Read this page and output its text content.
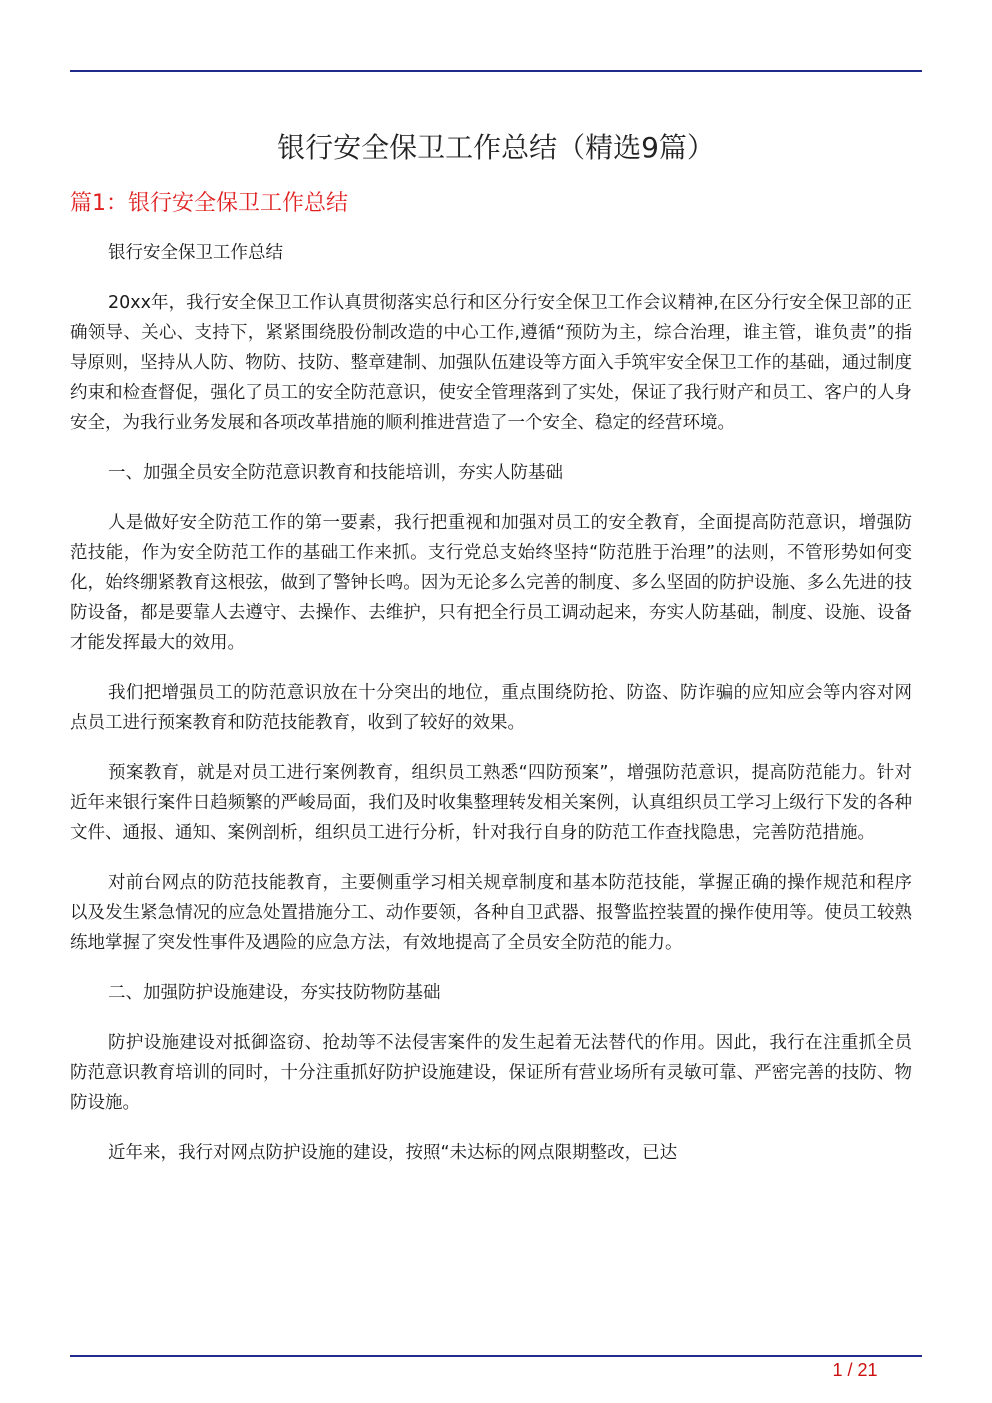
银行安全保卫工作总结（精选9篇）
篇1：银行安全保卫工作总结

银行安全保卫工作总结

20xx年，我行安全保卫工作认真贯彻落实总行和区分行安全保卫工作会议精神,在区分行安全保卫部的正确领导、关心、支持下，紧紧围绕股份制改造的中心工作,遵循“预防为主，综合治理，谁主管，谁负责”的指导原则，坚持从人防、物防、技防、整章建制、加强队伍建设等方面入手筑牢安全保卫工作的基础，通过制度约束和检查督促，强化了员工的安全防范意识，使安全管理落到了实处，保证了我行财产和员工、客户的人身安全，为我行业务发展和各项改革措施的顺利推进营造了一个安全、稳定的经营环境。

一、加强全员安全防范意识教育和技能培训，夯实人防基础

人是做好安全防范工作的第一要素，我行把重视和加强对员工的安全教育，全面提高防范意识，增强防范技能，作为安全防范工作的基础工作来抓。支行党总支始终坚持“防范胜于治理”的法则，不管形势如何变化，始终绷紧教育这根弦，做到了警钟长鸣。因为无论多么完善的制度、多么坚固的防护设施、多么先进的技防设备，都是要靠人去遵守、去操作、去维护，只有把全行员工调动起来，夯实人防基础，制度、设施、设备才能发挥最大的效用。

我们把增强员工的防范意识放在十分突出的地位，重点围绕防抢、防盗、防诈骗的应知应会等内容对网点员工进行预案教育和防范技能教育，收到了较好的效果。

预案教育，就是对员工进行案例教育，组织员工熟悉“四防预案”，增强防范意识，提高防范能力。针对近年来银行案件日趋频繁的严峻局面，我们及时收集整理转发相关案例，认真组织员工学习上级行下发的各种文件、通报、通知、案例剖析，组织员工进行分析，针对我行自身的防范工作查找隐患，完善防范措施。

对前台网点的防范技能教育，主要侧重学习相关规章制度和基本防范技能，掌握正确的操作规范和程序以及发生紧急情况的应急处置措施分工、动作要领，各种自卫武器、报警监控装置的操作使用等。使员工较熟练地掌握了突发性事件及遇险的应急方法，有效地提高了全员安全防范的能力。

二、加强防护设施建设，夯实技防物防基础

防护设施建设对抵御盗窃、抢劫等不法侵害案件的发生起着无法替代的作用。因此，我行在注重抓全员防范意识教育培训的同时，十分注重抓好防护设施建设，保证所有营业场所有灵敏可靠、严密完善的技防、物防设施。

近年来，我行对网点防护设施的建设，按照“未达标的网点限期整改，已达

1 / 21
